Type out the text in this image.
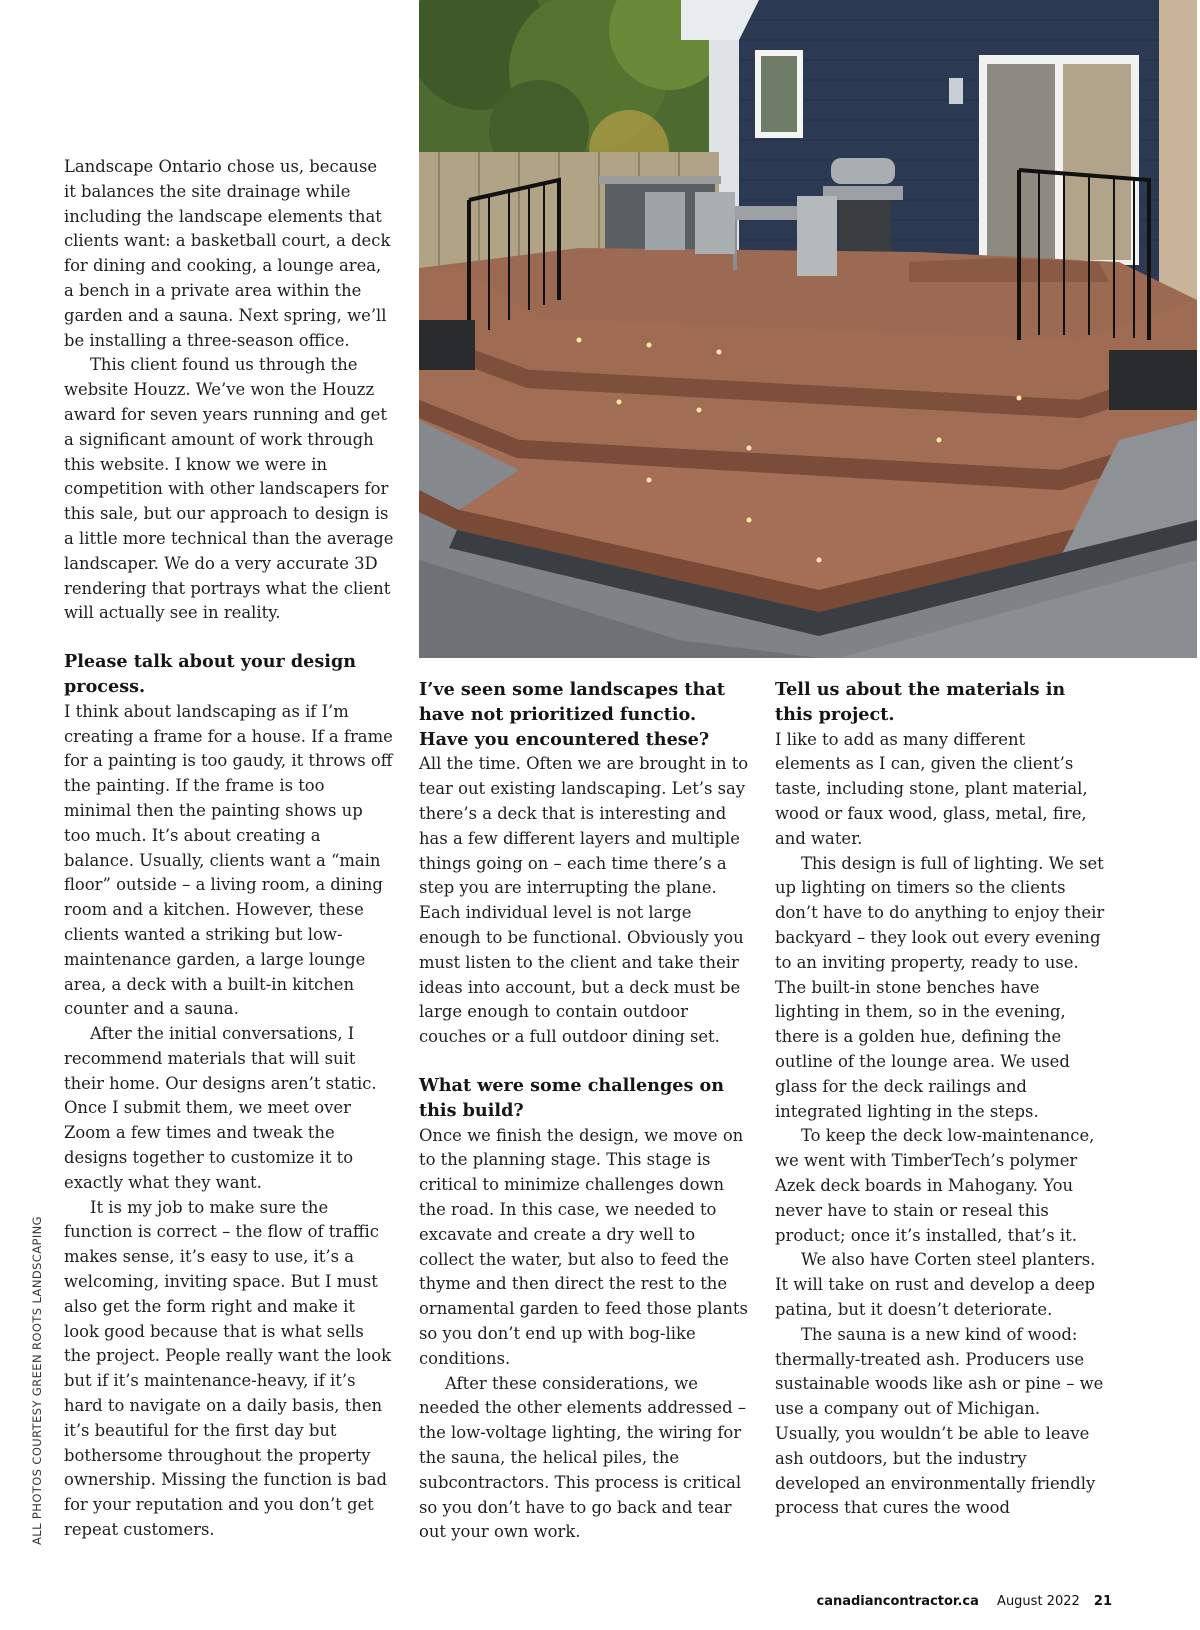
Landscape Ontario chose us, because it balances the site drainage while including the landscape elements that clients want: a basketball court, a deck for dining and cooking, a lounge area, a bench in a private area within the garden and a sauna. Next spring, we’ll be installing a three-season office.

This client found us through the website Houzz. We’ve won the Houzz award for seven years running and get a significant amount of work through this website. I know we were in competition with other landscapers for this sale, but our approach to design is a little more technical than the average landscaper. We do a very accurate 3D rendering that portrays what the client will actually see in reality.

Please talk about your design process.

I think about landscaping as if I’m creating a frame for a house. If a frame for a painting is too gaudy, it throws off the painting. If the frame is too minimal then the painting shows up too much. It’s about creating a balance. Usually, clients want a “main floor” outside – a living room, a dining room and a kitchen. However, these clients wanted a striking but low-maintenance garden, a large lounge area, a deck with a built-in kitchen counter and a sauna.

After the initial conversations, I recommend materials that will suit their home. Our designs aren’t static. Once I submit them, we meet over Zoom a few times and tweak the designs together to customize it to exactly what they want.

It is my job to make sure the function is correct – the flow of traffic makes sense, it’s easy to use, it’s a welcoming, inviting space. But I must also get the form right and make it look good because that is what sells the project. People really want the look but if it’s maintenance-heavy, if it’s hard to navigate on a daily basis, then it’s beautiful for the first day but bothersome throughout the property ownership. Missing the function is bad for your reputation and you don’t get repeat customers.

I’ve seen some landscapes that have not prioritized functio. Have you encountered these?

All the time. Often we are brought in to tear out existing landscaping. Let’s say there’s a deck that is interesting and has a few different layers and multiple things going on – each time there’s a step you are interrupting the plane. Each individual level is not large enough to be functional. Obviously you must listen to the client and take their ideas into account, but a deck must be large enough to contain outdoor couches or a full outdoor dining set.

What were some challenges on this build?

Once we finish the design, we move on to the planning stage. This stage is critical to minimize challenges down the road. In this case, we needed to excavate and create a dry well to collect the water, but also to feed the thyme and then direct the rest to the ornamental garden to feed those plants so you don’t end up with bog-like conditions.

After these considerations, we needed the other elements addressed – the low-voltage lighting, the wiring for the sauna, the helical piles, the subcontractors. This process is critical so you don’t have to go back and tear out your own work.

Tell us about the materials in this project.

I like to add as many different elements as I can, given the client’s taste, including stone, plant material, wood or faux wood, glass, metal, fire, and water.

This design is full of lighting. We set up lighting on timers so the clients don’t have to do anything to enjoy their backyard – they look out every evening to an inviting property, ready to use. The built-in stone benches have lighting in them, so in the evening, there is a golden hue, defining the outline of the lounge area. We used glass for the deck railings and integrated lighting in the steps.

To keep the deck low-maintenance, we went with TimberTech’s polymer Azek deck boards in Mahogany. You never have to stain or reseal this product; once it’s installed, that’s it.

We also have Corten steel planters. It will take on rust and develop a deep patina, but it doesn’t deteriorate.

The sauna is a new kind of wood: thermally-treated ash. Producers use sustainable woods like ash or pine – we use a company out of Michigan. Usually, you wouldn’t be able to leave ash outdoors, but the industry developed an environmentally friendly process that cures the wood

ALL PHOTOS COURTESY GREEN ROOTS LANDSCAPING
canadiancontractor.ca August 2022 21
